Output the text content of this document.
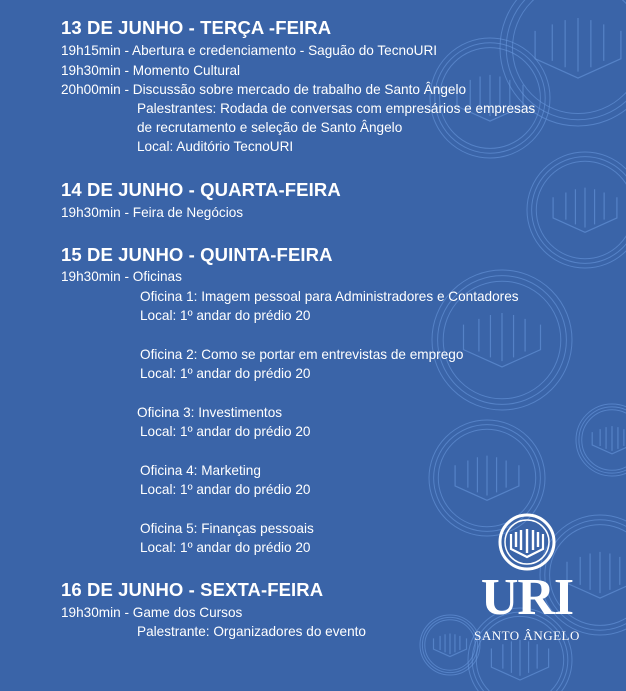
13 DE JUNHO - TERÇA -FEIRA
19h15min - Abertura e credenciamento - Saguão do TecnoURI
19h30min - Momento Cultural
20h00min - Discussão sobre mercado de trabalho de Santo Ângelo
Palestrantes: Rodada de conversas com empresários e empresas
de recrutamento e seleção de Santo Ângelo
Local: Auditório TecnoURI
14 DE JUNHO - QUARTA-FEIRA
19h30min - Feira de Negócios
15 DE JUNHO - QUINTA-FEIRA
19h30min - Oficinas
Oficina 1: Imagem pessoal para Administradores e Contadores
Local: 1º andar do prédio 20
Oficina 2: Como se portar em entrevistas de emprego
Local: 1º andar do prédio 20
Oficina 3: Investimentos
Local: 1º andar do prédio 20
Oficina 4: Marketing
Local: 1º andar do prédio 20
Oficina 5: Finanças pessoais
Local: 1º andar do prédio 20
16 DE JUNHO - SEXTA-FEIRA
19h30min - Game dos Cursos
Palestrante: Organizadores do evento
URI
SANTO ÂNGELO
